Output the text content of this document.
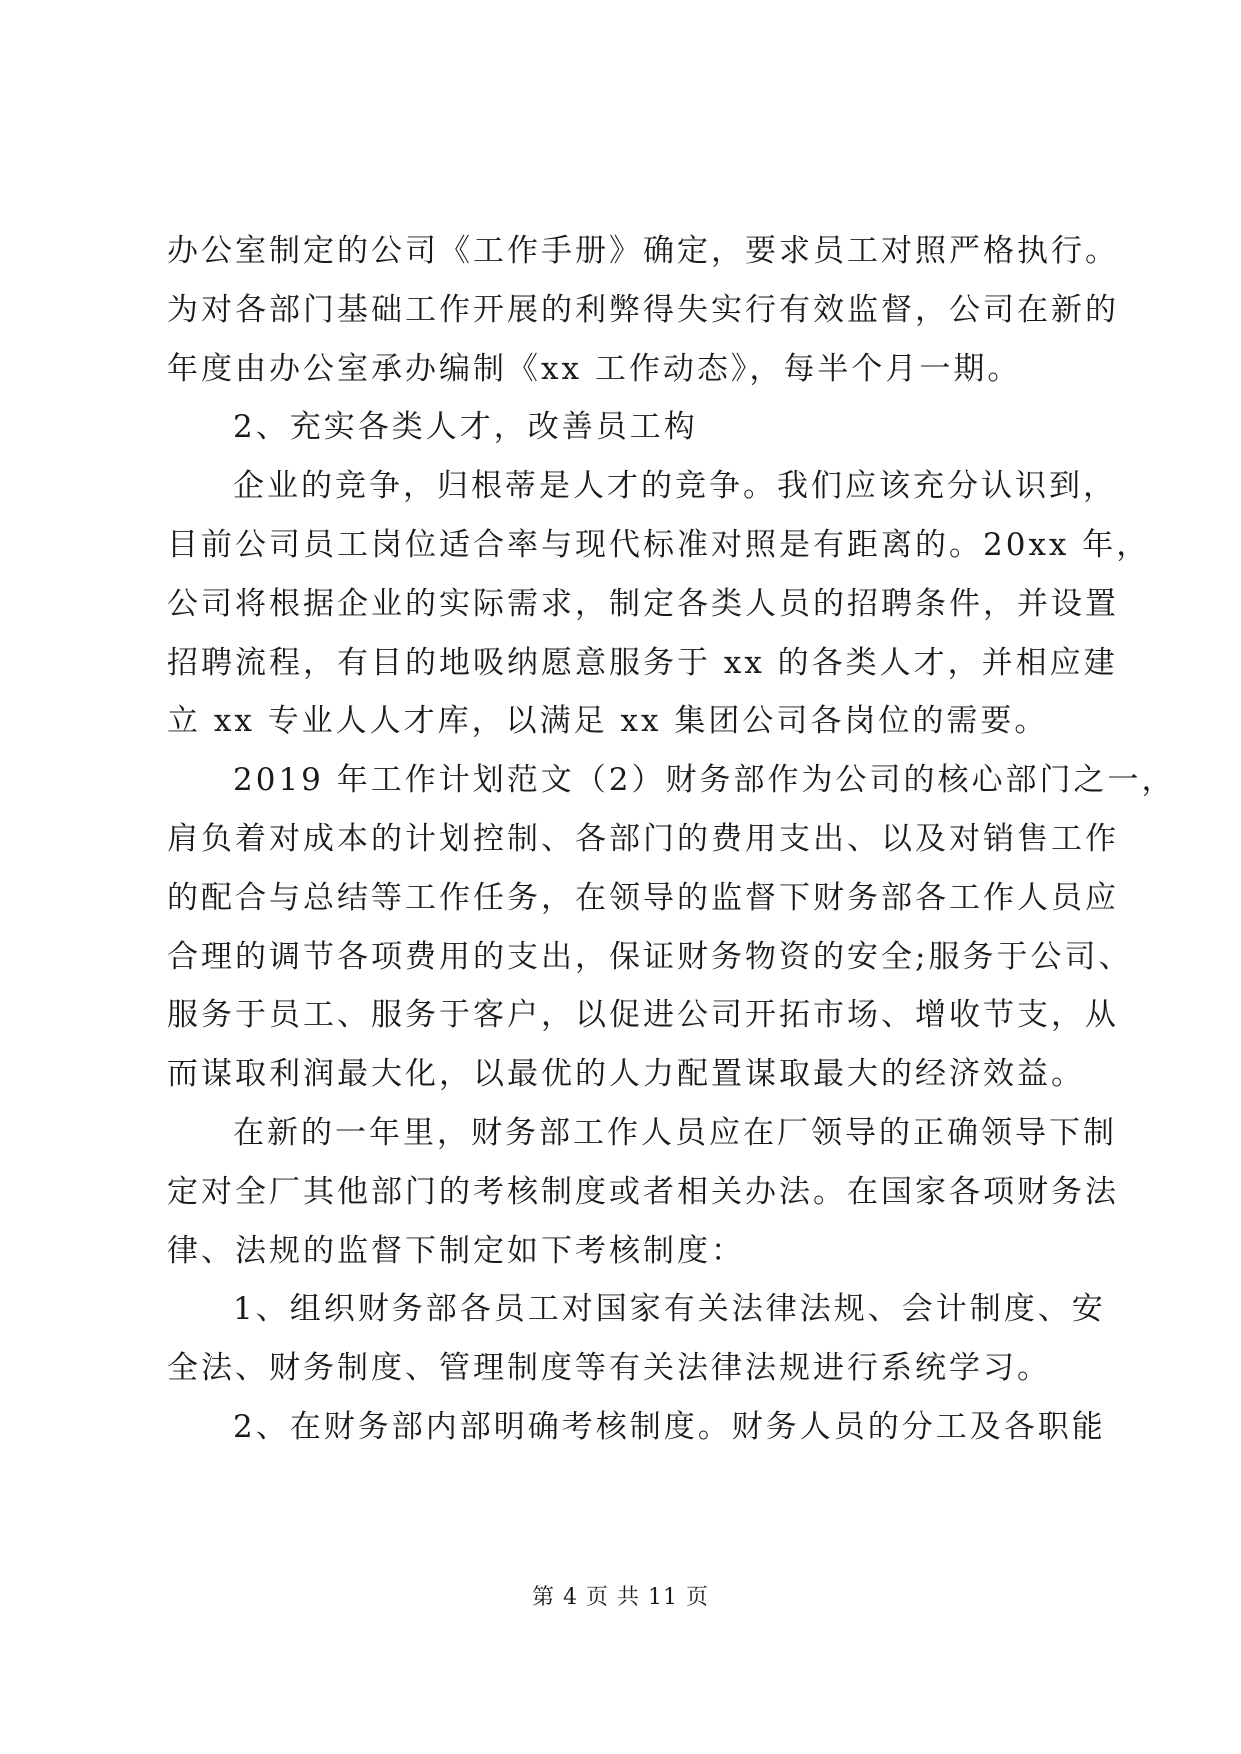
办公室制定的公司《工作手册》确定，要求员工对照严格执行。
为对各部门基础工作开展的利弊得失实行有效监督，公司在新的
年度由办公室承办编制《xx 工作动态》，每半个月一期。
2、充实各类人才，改善员工构
企业的竞争，归根蒂是人才的竞争。我们应该充分认识到，
目前公司员工岗位适合率与现代标准对照是有距离的。20xx 年，
公司将根据企业的实际需求，制定各类人员的招聘条件，并设置
招聘流程，有目的地吸纳愿意服务于 xx 的各类人才，并相应建
立 xx 专业人人才库，以满足 xx 集团公司各岗位的需要。
2019 年工作计划范文（2）财务部作为公司的核心部门之一，
肩负着对成本的计划控制、各部门的费用支出、以及对销售工作
的配合与总结等工作任务，在领导的监督下财务部各工作人员应
合理的调节各项费用的支出，保证财务物资的安全;服务于公司、
服务于员工、服务于客户，以促进公司开拓市场、增收节支，从
而谋取利润最大化，以最优的人力配置谋取最大的经济效益。
在新的一年里，财务部工作人员应在厂领导的正确领导下制
定对全厂其他部门的考核制度或者相关办法。在国家各项财务法
律、法规的监督下制定如下考核制度：
1、组织财务部各员工对国家有关法律法规、会计制度、安
全法、财务制度、管理制度等有关法律法规进行系统学习。
2、在财务部内部明确考核制度。财务人员的分工及各职能
第 4 页 共 11 页
